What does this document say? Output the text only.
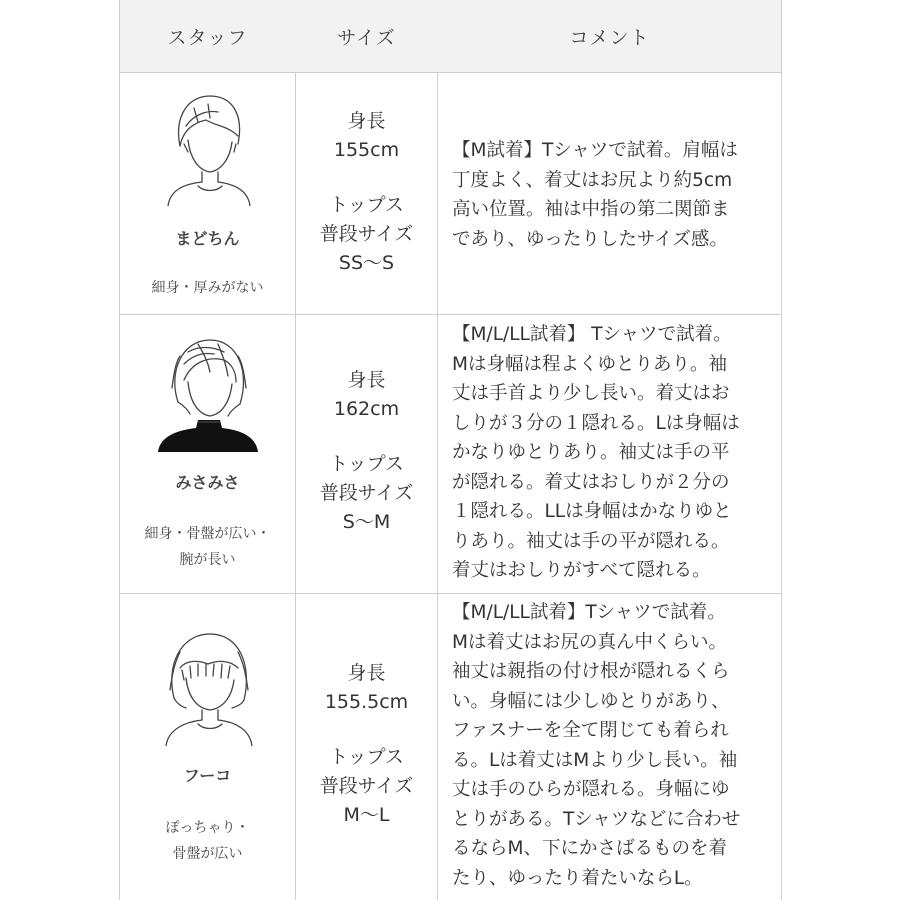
スタッフ	サイズ	コメント
まどちん
細身・厚みがない
身長
155cm
トップス
普段サイズ
SS～S
【M試着】Tシャツで試着。肩幅は
丁度よく、着丈はお尻より約5cm
高い位置。袖は中指の第二関節ま
であり、ゆったりしたサイズ感。
みさみさ
細身・骨盤が広い・
腕が長い
身長
162cm
トップス
普段サイズ
S～M
【M/L/LL試着】 Tシャツで試着。
Mは身幅は程よくゆとりあり。袖
丈は手首より少し長い。着丈はお
しりが３分の１隠れる。Lは身幅は
かなりゆとりあり。袖丈は手の平
が隠れる。着丈はおしりが２分の
１隠れる。LLは身幅はかなりゆと
りあり。袖丈は手の平が隠れる。
着丈はおしりがすべて隠れる。
フーコ
ぽっちゃり・
骨盤が広い
身長
155.5cm
トップス
普段サイズ
M～L
【M/L/LL試着】Tシャツで試着。
Mは着丈はお尻の真ん中くらい。
袖丈は親指の付け根が隠れるくら
い。身幅には少しゆとりがあり、
ファスナーを全て閉じても着られ
る。Lは着丈はMより少し長い。袖
丈は手のひらが隠れる。身幅にゆ
とりがある。Tシャツなどに合わせ
るならM、下にかさばるものを着
たり、ゆったり着たいならL。
